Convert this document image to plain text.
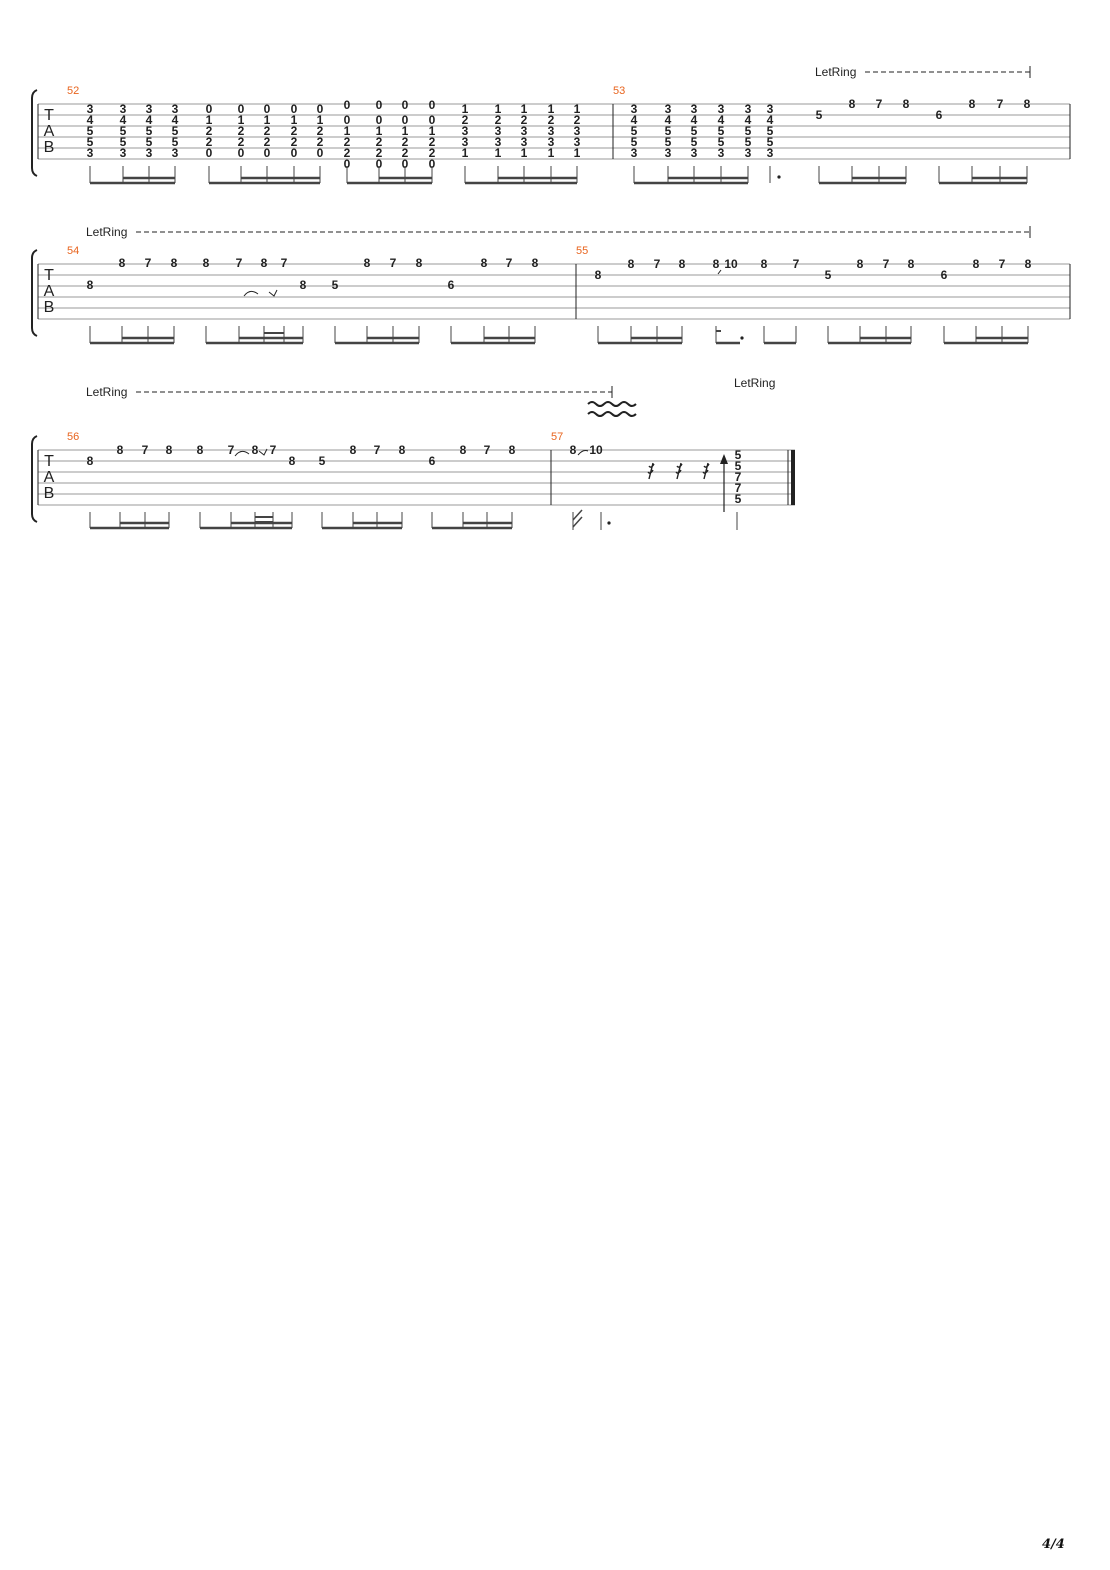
T
A
B
LetRing
52	53
3
4
5
5
3
3
4
5
5
3
3
4
5
5
3
3
4
5
5
3
0
1
2
2
0
0
1
2
2
0
0
1
2
2
0
0
1
2
2
0
0
1
2
2
0
0
0
1
2
2
0
0
0
1
2
2
0
0
0
1
2
2
0
0
0
1
2
2
0
1
2
3
3
1
1
2
3
3
1
1
2
3
3
1
1
2
3
3
1
1
2
3
3
1
3
4
5
5
3
3
4
5
5
3
3
4
5
5
3
3
4
5
5
3
3
4
5
5
3
3
4
5
5
3
5
8 7 8
6
8 7 8
T
A
B
LetRing
54	55
8
8 7 8 8 7 8 7
8 5
8 7 8
6
8 7 8
8
8 7 8 8 10 8 7
5
8 7 8
6
8 7 8
T
A
B
LetRing
LetRing
56	57
8
8 7 8 8 7 8 7
8 5
8 7 8
6
8 7 8	8 10	5
5
7
7
5
4/4
